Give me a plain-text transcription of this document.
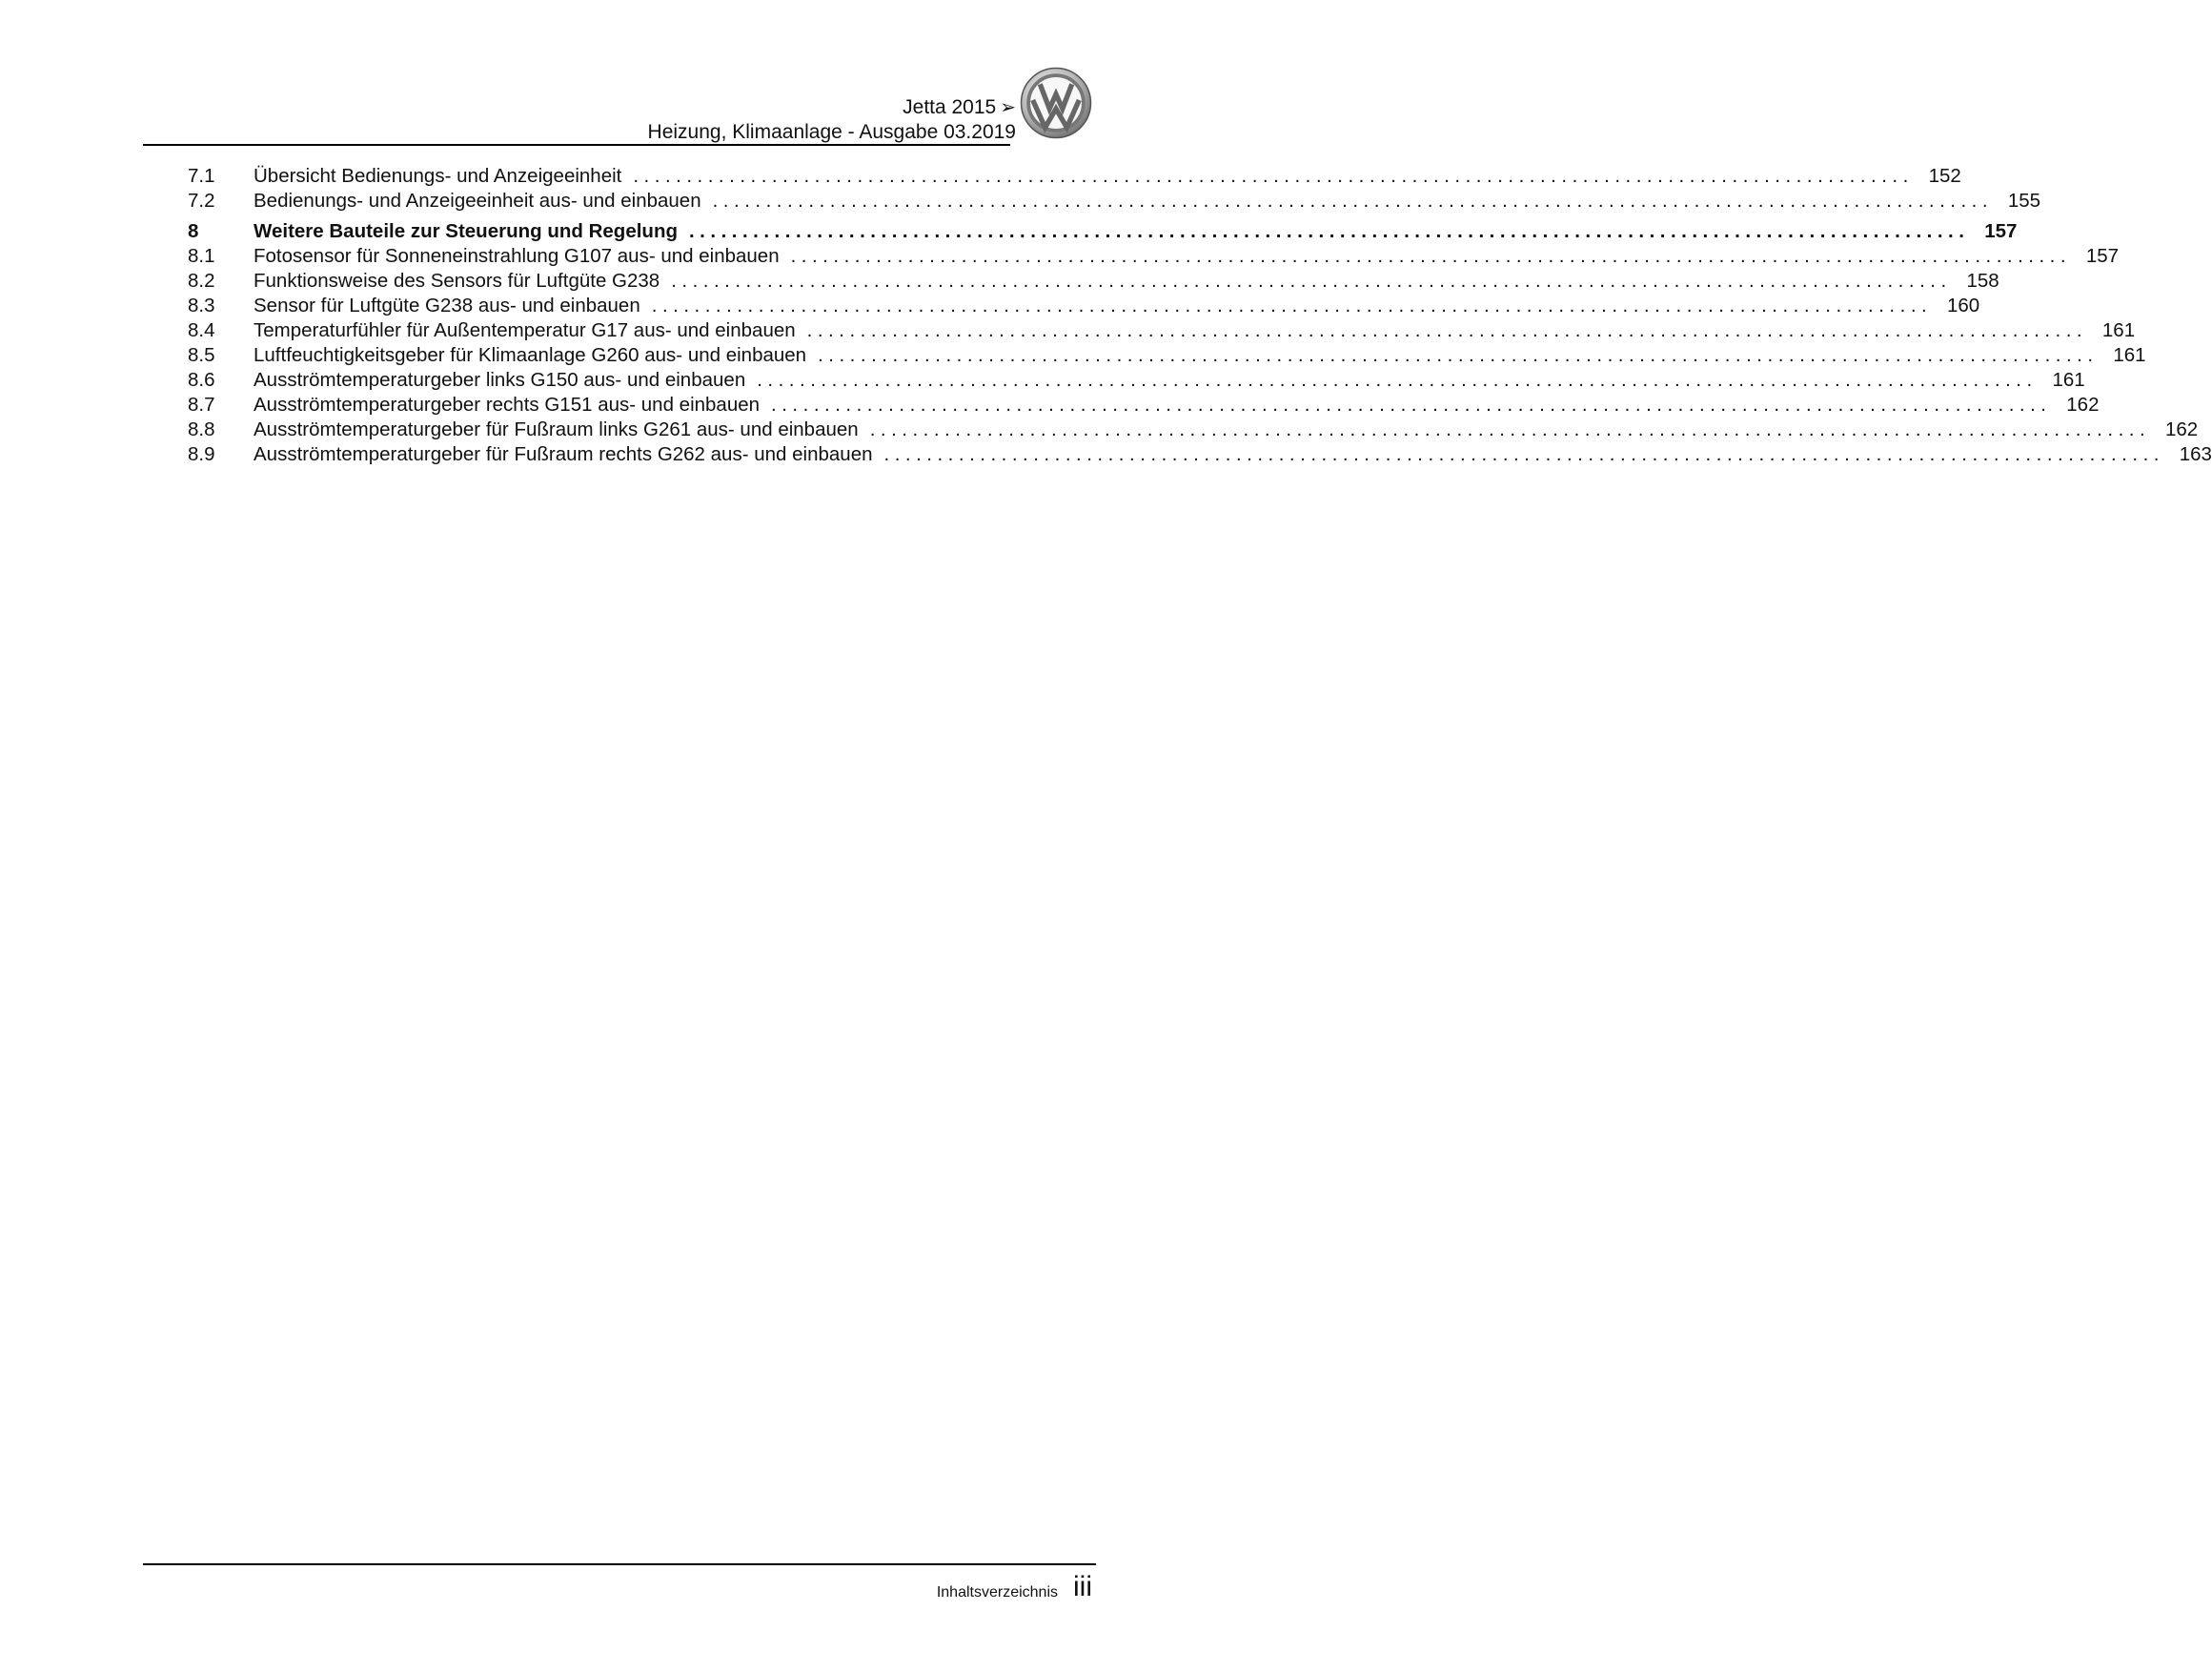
Jetta 2015 ➢
Heizung, Klimaanlage - Ausgabe 03.2019
7.1	Übersicht Bedienungs- und Anzeigeeinheit ........................................................................................................................ 152
7.2	Bedienungs- und Anzeigeeinheit aus- und einbauen ........................................................................................................................ 155
8	Weitere Bauteile zur Steuerung und Regelung ........................................................................................................................ 157
8.1	Fotosensor für Sonneneinstrahlung G107 aus- und einbauen ........................................................................................................................ 157
8.2	Funktionsweise des Sensors für Luftgüte G238 ........................................................................................................................ 158
8.3	Sensor für Luftgüte G238 aus- und einbauen ........................................................................................................................ 160
8.4	Temperaturfühler für Außentemperatur G17 aus- und einbauen ........................................................................................................................ 161
8.5	Luftfeuchtigkeitsgeber für Klimaanlage G260 aus- und einbauen ........................................................................................................................ 161
8.6	Ausströmtemperaturgeber links G150 aus- und einbauen ........................................................................................................................ 161
8.7	Ausströmtemperaturgeber rechts G151 aus- und einbauen ........................................................................................................................ 162
8.8	Ausströmtemperaturgeber für Fußraum links G261 aus- und einbauen ........................................................................................................................ 162
8.9	Ausströmtemperaturgeber für Fußraum rechts G262 aus- und einbauen ........................................................................................................................ 163
Inhaltsverzeichnis iii
